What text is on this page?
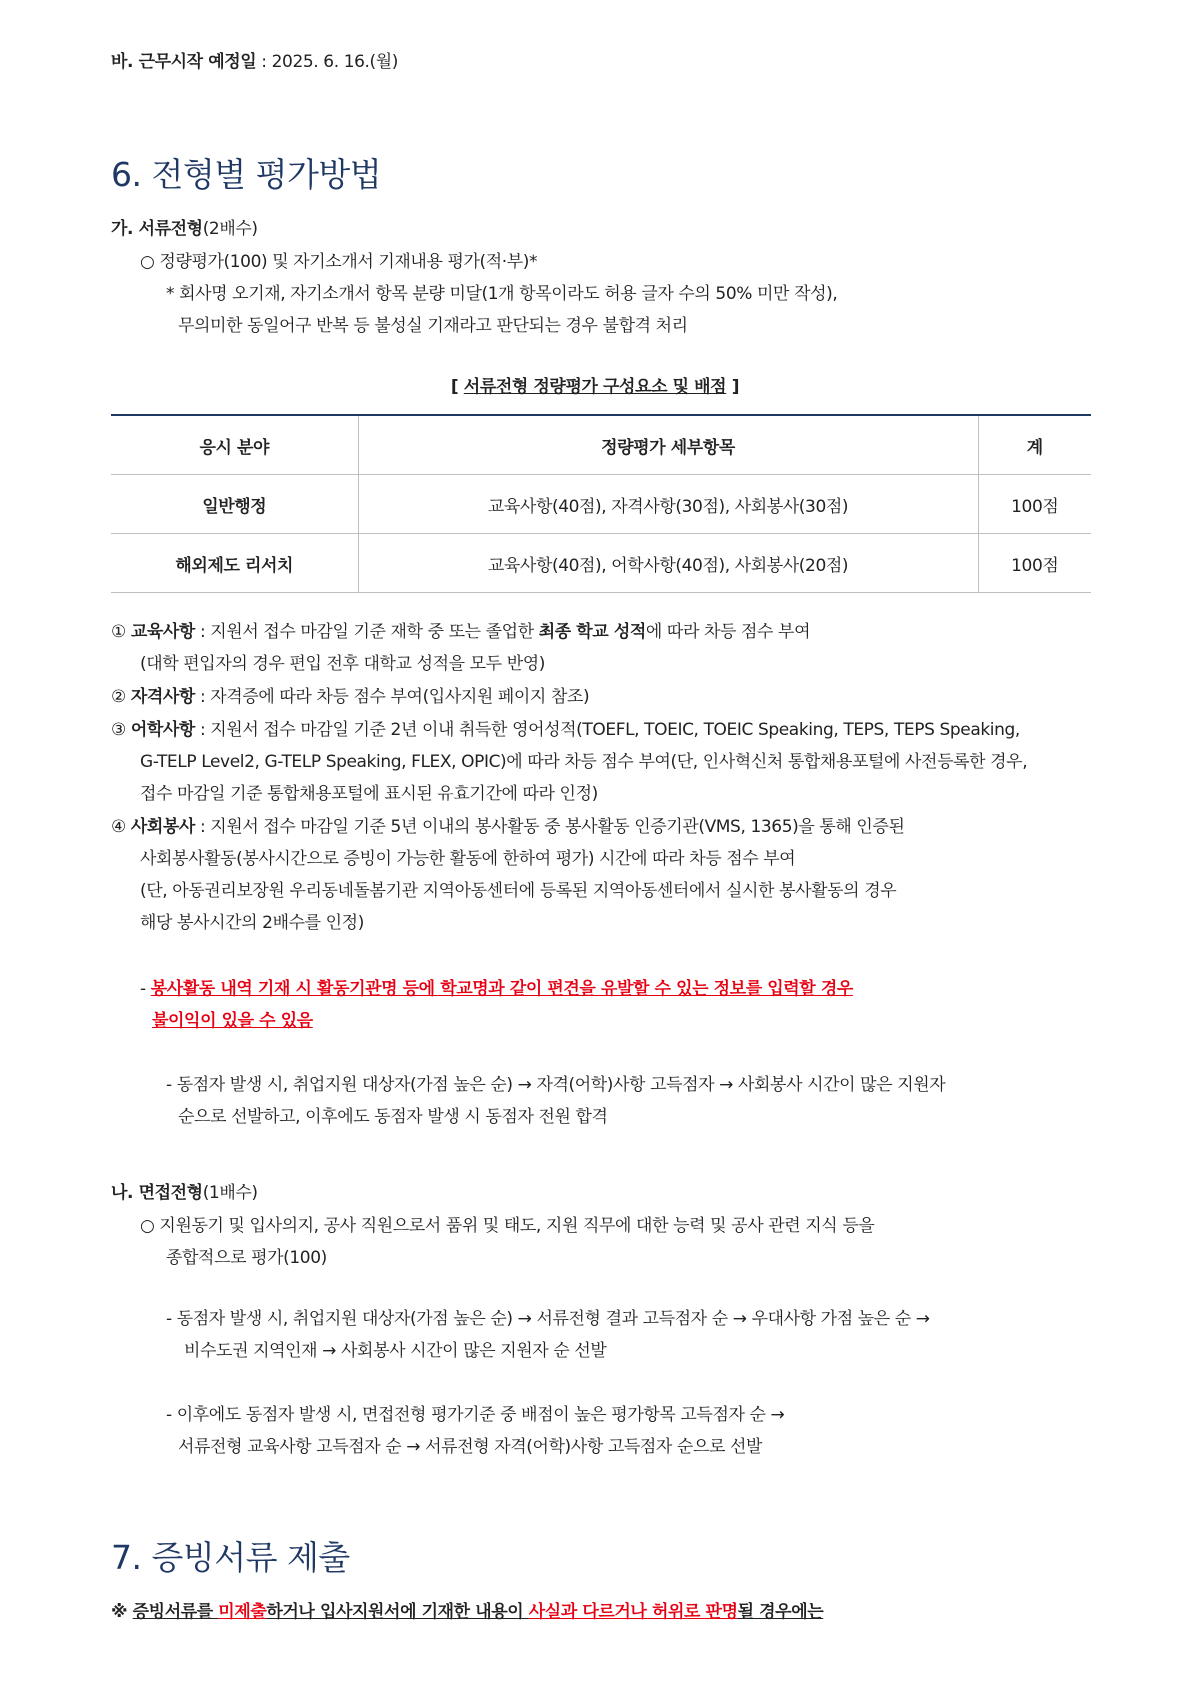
바. 근무시작 예정일 : 2025. 6. 16.(월)
6. 전형별 평가방법
가. 서류전형(2배수)
○ 정량평가(100) 및 자기소개서 기재내용 평가(적·부)*
* 회사명 오기재, 자기소개서 항목 분량 미달(1개 항목이라도 허용 글자 수의 50% 미만 작성),
무의미한 동일어구 반복 등 불성실 기재라고 판단되는 경우 불합격 처리
[ 서류전형 정량평가 구성요소 및 배점 ]
응시 분야	정량평가 세부항목	계
일반행정	교육사항(40점), 자격사항(30점), 사회봉사(30점)	100점
해외제도 리서치	교육사항(40점), 어학사항(40점), 사회봉사(20점)	100점
① 교육사항 : 지원서 접수 마감일 기준 재학 중 또는 졸업한 최종 학교 성적에 따라 차등 점수 부여
(대학 편입자의 경우 편입 전후 대학교 성적을 모두 반영)
② 자격사항 : 자격증에 따라 차등 점수 부여(입사지원 페이지 참조)
③ 어학사항 : 지원서 접수 마감일 기준 2년 이내 취득한 영어성적(TOEFL, TOEIC, TOEIC Speaking, TEPS, TEPS Speaking,
G-TELP Level2, G-TELP Speaking, FLEX, OPIC)에 따라 차등 점수 부여(단, 인사혁신처 통합채용포털에 사전등록한 경우,
접수 마감일 기준 통합채용포털에 표시된 유효기간에 따라 인정)
④ 사회봉사 : 지원서 접수 마감일 기준 5년 이내의 봉사활동 중 봉사활동 인증기관(VMS, 1365)을 통해 인증된
사회봉사활동(봉사시간으로 증빙이 가능한 활동에 한하여 평가) 시간에 따라 차등 점수 부여
(단, 아동권리보장원 우리동네돌봄기관 지역아동센터에 등록된 지역아동센터에서 실시한 봉사활동의 경우
해당 봉사시간의 2배수를 인정)
- 봉사활동 내역 기재 시 활동기관명 등에 학교명과 같이 편견을 유발할 수 있는 정보를 입력할 경우
불이익이 있을 수 있음
- 동점자 발생 시, 취업지원 대상자(가점 높은 순) → 자격(어학)사항 고득점자 → 사회봉사 시간이 많은 지원자
순으로 선발하고, 이후에도 동점자 발생 시 동점자 전원 합격
나. 면접전형(1배수)
○ 지원동기 및 입사의지, 공사 직원으로서 품위 및 태도, 지원 직무에 대한 능력 및 공사 관련 지식 등을
종합적으로 평가(100)
- 동점자 발생 시, 취업지원 대상자(가점 높은 순) → 서류전형 결과 고득점자 순 → 우대사항 가점 높은 순 →
비수도권 지역인재 → 사회봉사 시간이 많은 지원자 순 선발
- 이후에도 동점자 발생 시, 면접전형 평가기준 중 배점이 높은 평가항목 고득점자 순 →
서류전형 교육사항 고득점자 순 → 서류전형 자격(어학)사항 고득점자 순으로 선발
7. 증빙서류 제출
※ 증빙서류를 미제출하거나 입사지원서에 기재한 내용이 사실과 다르거나 허위로 판명될 경우에는
